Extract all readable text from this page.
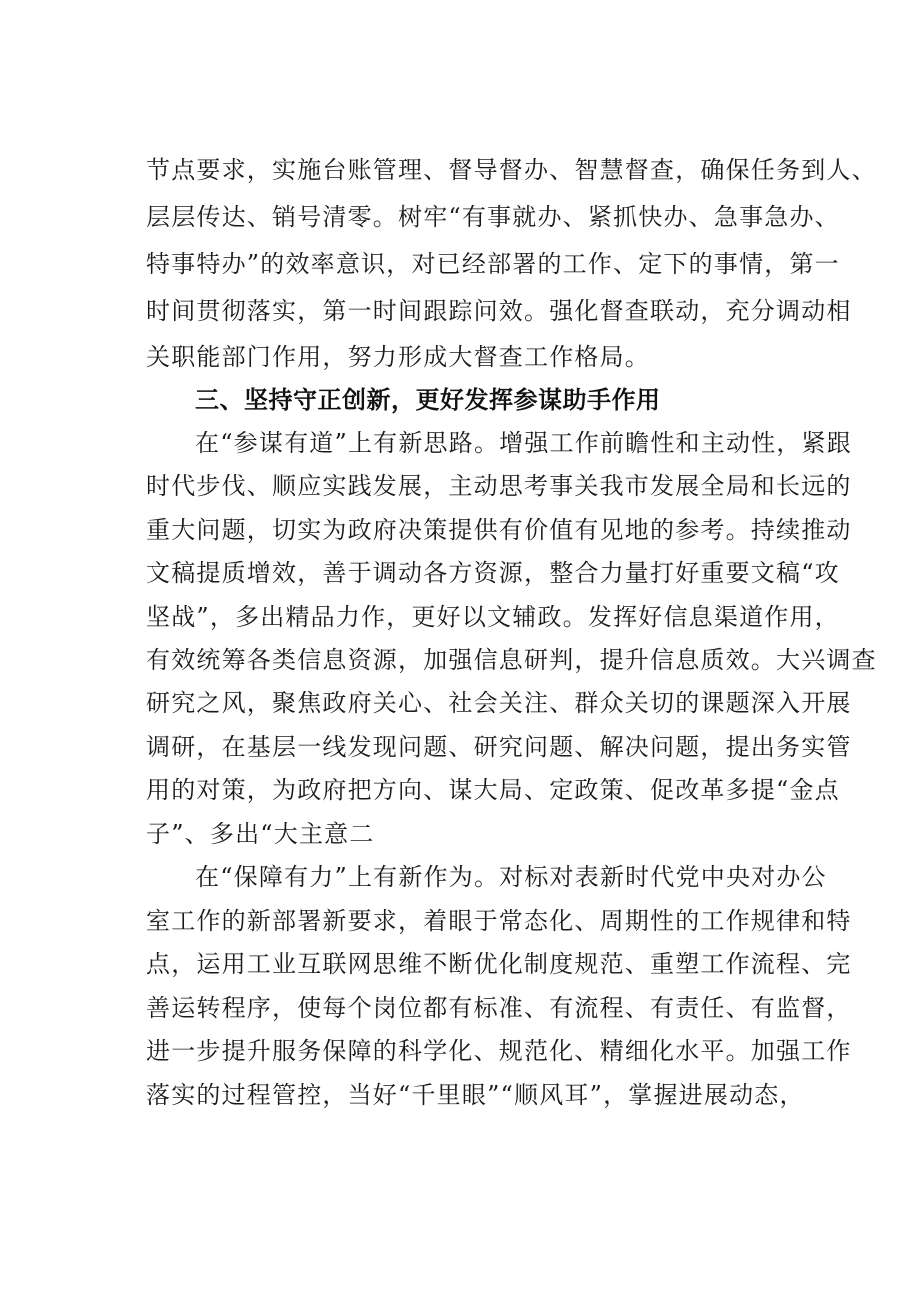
节点要求，实施台账管理、督导督办、智慧督查，确保任务到人、
层层传达、销号清零。树牢“有事就办、紧抓快办、急事急办、
特事特办”的效率意识，对已经部署的工作、定下的事情，第一
时间贯彻落实，第一时间跟踪问效。强化督查联动，充分调动相
关职能部门作用，努力形成大督查工作格局。
三、坚持守正创新，更好发挥参谋助手作用
在“参谋有道”上有新思路。增强工作前瞻性和主动性，紧跟
时代步伐、顺应实践发展，主动思考事关我市发展全局和长远的
重大问题，切实为政府决策提供有价值有见地的参考。持续推动
文稿提质增效，善于调动各方资源，整合力量打好重要文稿“攻
坚战”，多出精品力作，更好以文辅政。发挥好信息渠道作用，
有效统筹各类信息资源，加强信息研判，提升信息质效。大兴调查
研究之风，聚焦政府关心、社会关注、群众关切的课题深入开展
调研，在基层一线发现问题、研究问题、解决问题，提出务实管
用的对策，为政府把方向、谋大局、定政策、促改革多提“金点
子”、多出“大主意二
在“保障有力”上有新作为。对标对表新时代党中央对办公
室工作的新部署新要求，着眼于常态化、周期性的工作规律和特
点，运用工业互联网思维不断优化制度规范、重塑工作流程、完
善运转程序，使每个岗位都有标准、有流程、有责任、有监督，
进一步提升服务保障的科学化、规范化、精细化水平。加强工作
落实的过程管控，当好“千里眼”“顺风耳”，掌握进展动态，
